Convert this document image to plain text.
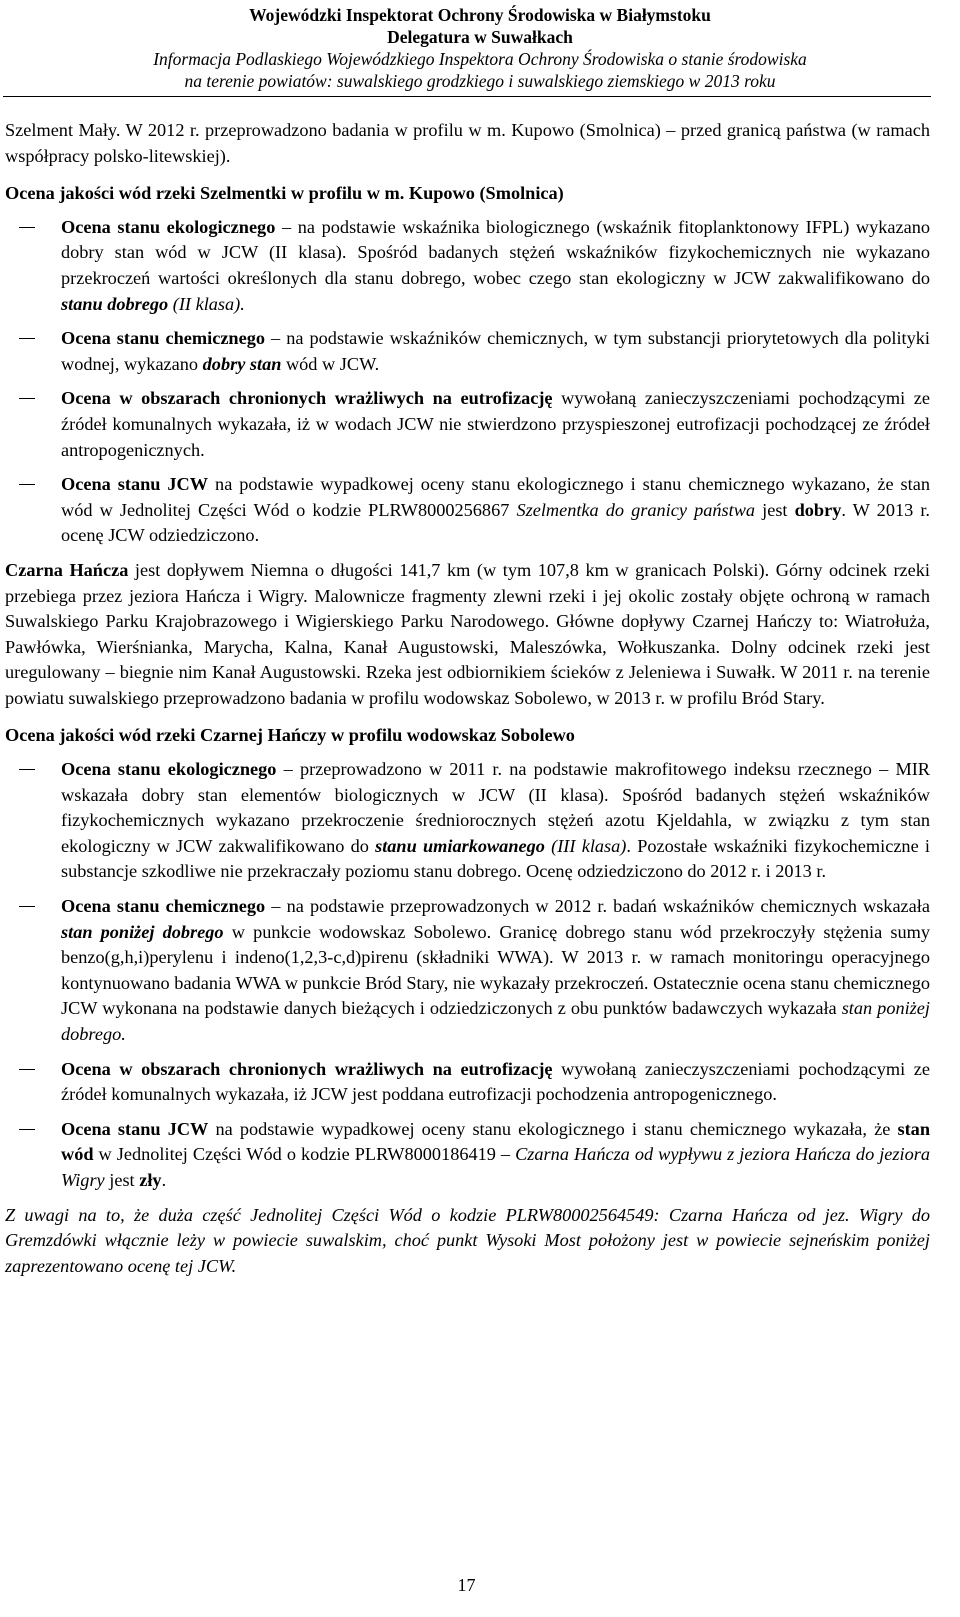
Wojewódzki Inspektorat Ochrony Środowiska w Białymstoku
Delegatura w Suwałkach
Informacja Podlaskiego Wojewódzkiego Inspektora Ochrony Środowiska o stanie środowiska
na terenie powiatów: suwalskiego grodzkiego i suwalskiego ziemskiego w 2013 roku

Szelment Mały. W 2012 r. przeprowadzono badania w profilu w m. Kupowo (Smolnica) – przed granicą państwa (w ramach współpracy polsko-litewskiej).

Ocena jakości wód rzeki Szelmentki w profilu w m. Kupowo (Smolnica)

Ocena stanu ekologicznego – na podstawie wskaźnika biologicznego (wskaźnik fitoplanktonowy IFPL) wykazano dobry stan wód w JCW (II klasa). Spośród badanych stężeń wskaźników fizykochemicznych nie wykazano przekroczeń wartości określonych dla stanu dobrego, wobec czego stan ekologiczny w JCW zakwalifikowano do stanu dobrego (II klasa).
Ocena stanu chemicznego – na podstawie wskaźników chemicznych, w tym substancji priorytetowych dla polityki wodnej, wykazano dobry stan wód w JCW.
Ocena w obszarach chronionych wrażliwych na eutrofizację wywołaną zanieczyszczeniami pochodzącymi ze źródeł komunalnych wykazała, iż w wodach JCW nie stwierdzono przyspieszonej eutrofizacji pochodzącej ze źródeł antropogenicznych.
Ocena stanu JCW na podstawie wypadkowej oceny stanu ekologicznego i stanu chemicznego wykazano, że stan wód w Jednolitej Części Wód o kodzie PLRW8000256867 Szelmentka do granicy państwa jest dobry. W 2013 r. ocenę JCW odziedziczono.

Czarna Hańcza jest dopływem Niemna o długości 141,7 km (w tym 107,8 km w granicach Polski). Górny odcinek rzeki przebiega przez jeziora Hańcza i Wigry. Malownicze fragmenty zlewni rzeki i jej okolic zostały objęte ochroną w ramach Suwalskiego Parku Krajobrazowego i Wigierskiego Parku Narodowego. Główne dopływy Czarnej Hańczy to: Wiatrołuża, Pawłówka, Wierśnianka, Marycha, Kalna, Kanał Augustowski, Maleszówka, Wołkuszanka. Dolny odcinek rzeki jest uregulowany – biegnie nim Kanał Augustowski. Rzeka jest odbiornikiem ścieków z Jeleniewa i Suwałk. W 2011 r. na terenie powiatu suwalskiego przeprowadzono badania w profilu wodowskaz Sobolewo, w 2013 r. w profilu Bród Stary.

Ocena jakości wód rzeki Czarnej Hańczy w profilu wodowskaz Sobolewo

Ocena stanu ekologicznego – przeprowadzono w 2011 r. na podstawie makrofitowego indeksu rzecznego – MIR wskazała dobry stan elementów biologicznych w JCW (II klasa). Spośród badanych stężeń wskaźników fizykochemicznych wykazano przekroczenie średniorocznych stężeń azotu Kjeldahla, w związku z tym stan ekologiczny w JCW zakwalifikowano do stanu umiarkowanego (III klasa). Pozostałe wskaźniki fizykochemiczne i substancje szkodliwe nie przekraczały poziomu stanu dobrego. Ocenę odziedziczono do 2012 r. i 2013 r.
Ocena stanu chemicznego – na podstawie przeprowadzonych w 2012 r. badań wskaźników chemicznych wskazała stan poniżej dobrego w punkcie wodowskaz Sobolewo. Granicę dobrego stanu wód przekroczyły stężenia sumy benzo(g,h,i)perylenu i indeno(1,2,3-c,d)pirenu (składniki WWA). W 2013 r. w ramach monitoringu operacyjnego kontynuowano badania WWA w punkcie Bród Stary, nie wykazały przekroczeń. Ostatecznie ocena stanu chemicznego JCW wykonana na podstawie danych bieżących i odziedziczonych z obu punktów badawczych wykazała stan poniżej dobrego.
Ocena w obszarach chronionych wrażliwych na eutrofizację wywołaną zanieczyszczeniami pochodzącymi ze źródeł komunalnych wykazała, iż JCW jest poddana eutrofizacji pochodzenia antropogenicznego.
Ocena stanu JCW na podstawie wypadkowej oceny stanu ekologicznego i stanu chemicznego wykazała, że stan wód w Jednolitej Części Wód o kodzie PLRW8000186419 – Czarna Hańcza od wypływu z jeziora Hańcza do jeziora Wigry jest zły.

Z uwagi na to, że duża część Jednolitej Części Wód o kodzie PLRW80002564549: Czarna Hańcza od jez. Wigry do Gremzdówki włącznie leży w powiecie suwalskim, choć punkt Wysoki Most położony jest w powiecie sejneńskim poniżej zaprezentowano ocenę tej JCW.

17
